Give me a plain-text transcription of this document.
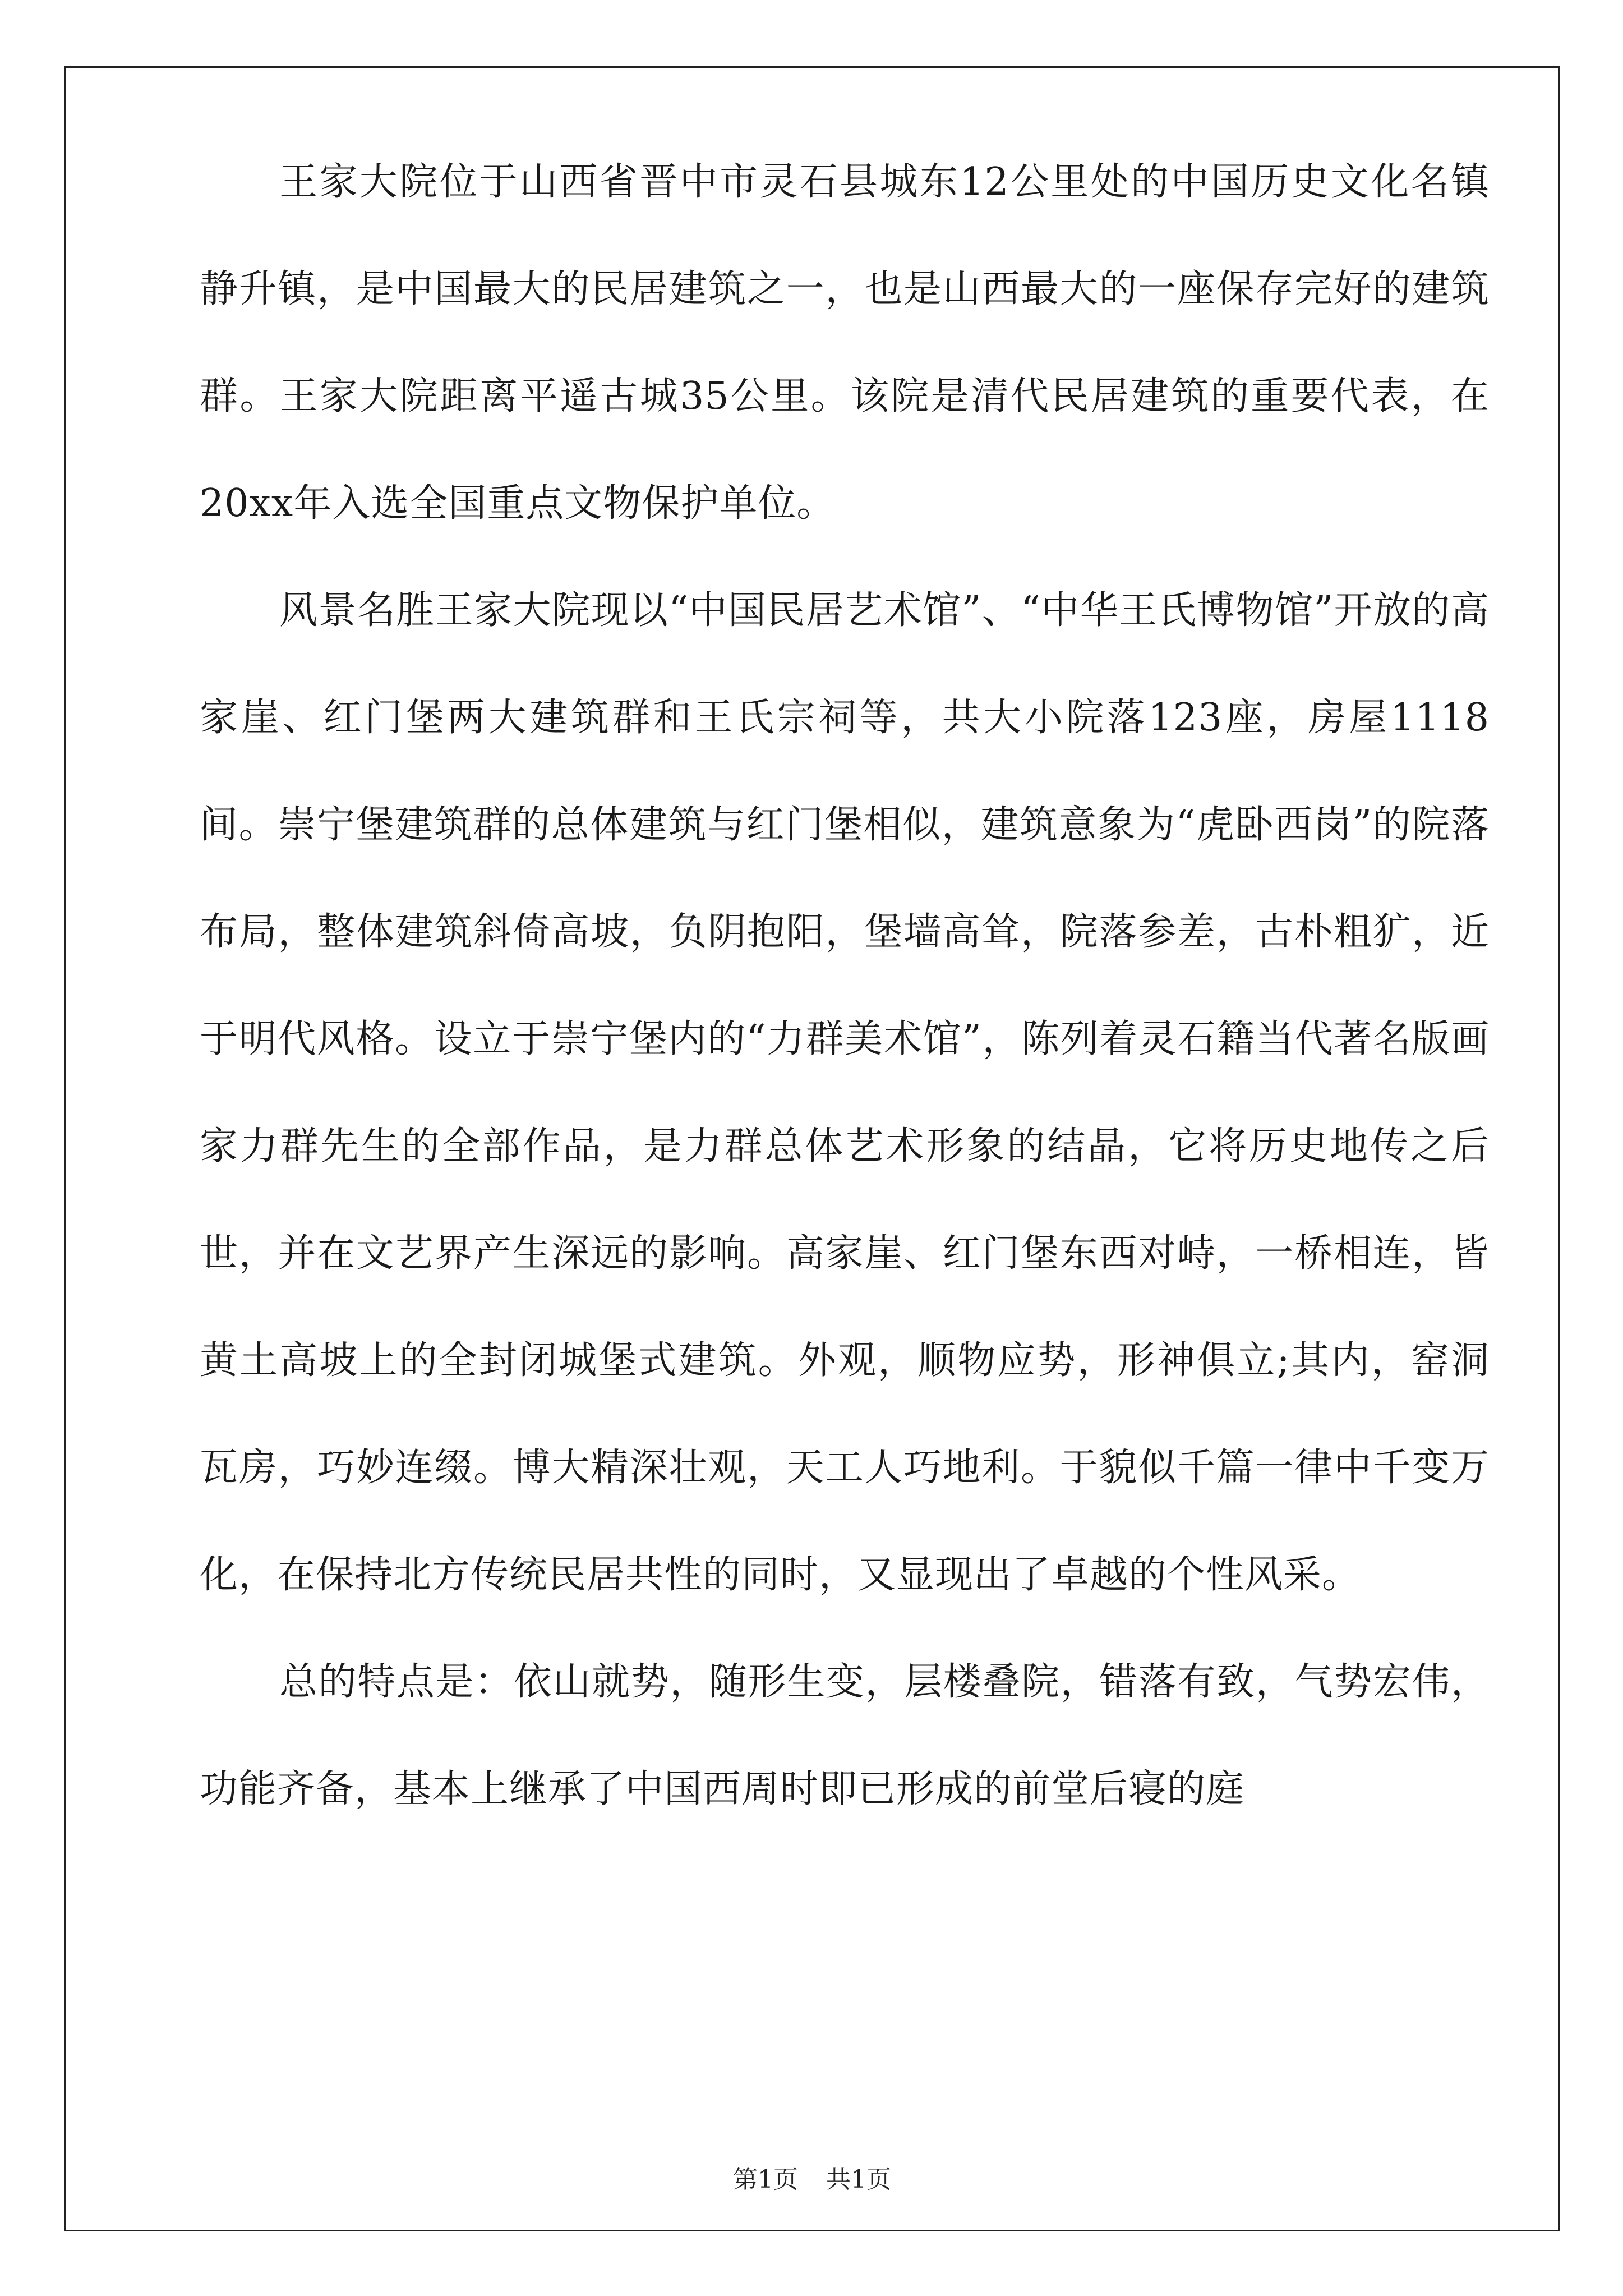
王家大院位于山西省晋中市灵石县城东12公里处的中国历史文化名镇静升镇，是中国最大的民居建筑之一，也是山西最大的一座保存完好的建筑群。王家大院距离平遥古城35公里。该院是清代民居建筑的重要代表，在20xx年入选全国重点文物保护单位。

风景名胜王家大院现以“中国民居艺术馆”、“中华王氏博物馆”开放的高家崖、红门堡两大建筑群和王氏宗祠等，共大小院落123座，房屋1118间。崇宁堡建筑群的总体建筑与红门堡相似，建筑意象为“虎卧西岗”的院落布局，整体建筑斜倚高坡，负阴抱阳，堡墙高耸，院落参差，古朴粗犷，近于明代风格。设立于崇宁堡内的“力群美术馆”，陈列着灵石籍当代著名版画家力群先生的全部作品，是力群总体艺术形象的结晶，它将历史地传之后世，并在文艺界产生深远的影响。高家崖、红门堡东西对峙，一桥相连，皆黄土高坡上的全封闭城堡式建筑。外观，顺物应势，形神俱立;其内，窑洞瓦房，巧妙连缀。博大精深壮观，天工人巧地利。于貌似千篇一律中千变万化，在保持北方传统民居共性的同时，又显现出了卓越的个性风采。

总的特点是：依山就势，随形生变，层楼叠院，错落有致，气势宏伟，功能齐备，基本上继承了中国西周时即已形成的前堂后寝的庭

第1页 共1页
